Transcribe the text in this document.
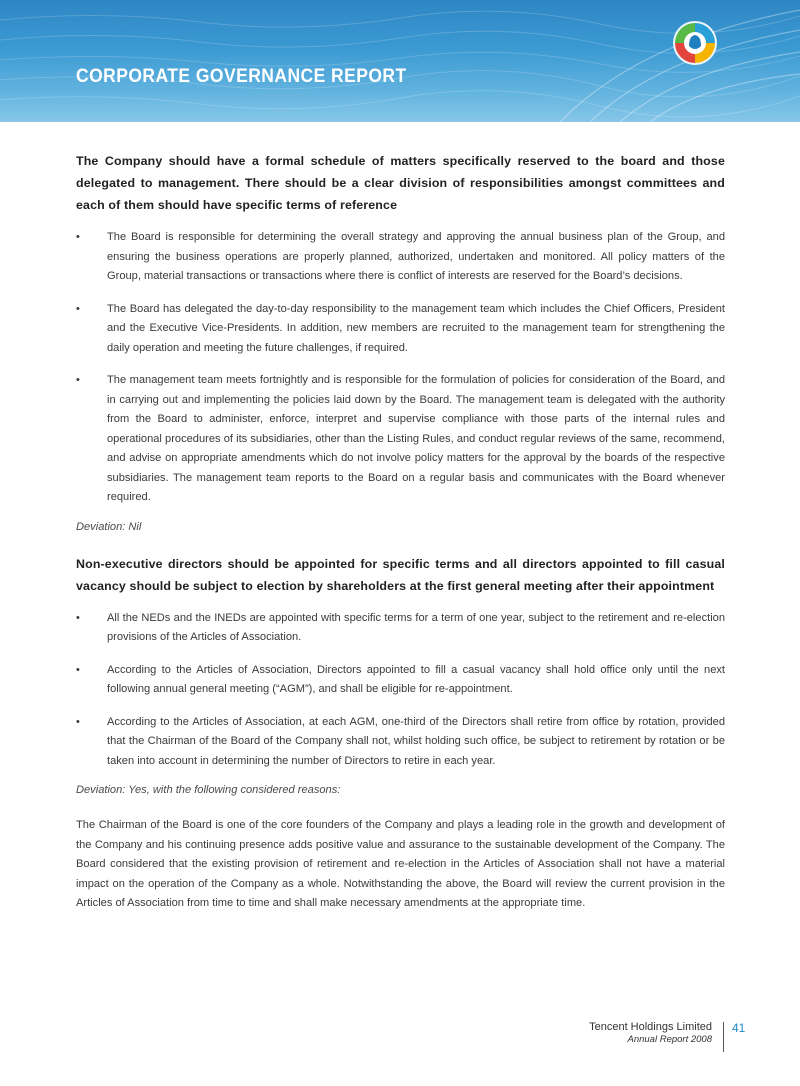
CORPORATE GOVERNANCE REPORT
The Company should have a formal schedule of matters specifically reserved to the board and those delegated to management. There should be a clear division of responsibilities amongst committees and each of them should have specific terms of reference
• The Board is responsible for determining the overall strategy and approving the annual business plan of the Group, and ensuring the business operations are properly planned, authorized, undertaken and monitored. All policy matters of the Group, material transactions or transactions where there is conflict of interests are reserved for the Board’s decisions.
• The Board has delegated the day-to-day responsibility to the management team which includes the Chief Officers, President and the Executive Vice-Presidents. In addition, new members are recruited to the management team for strengthening the daily operation and meeting the future challenges, if required.
• The management team meets fortnightly and is responsible for the formulation of policies for consideration of the Board, and in carrying out and implementing the policies laid down by the Board. The management team is delegated with the authority from the Board to administer, enforce, interpret and supervise compliance with those parts of the internal rules and operational procedures of its subsidiaries, other than the Listing Rules, and conduct regular reviews of the same, recommend, and advise on appropriate amendments which do not involve policy matters for the approval by the boards of the respective subsidiaries. The management team reports to the Board on a regular basis and communicates with the Board whenever required.
Deviation: Nil
Non-executive directors should be appointed for specific terms and all directors appointed to fill casual vacancy should be subject to election by shareholders at the first general meeting after their appointment
• All the NEDs and the INEDs are appointed with specific terms for a term of one year, subject to the retirement and re-election provisions of the Articles of Association.
• According to the Articles of Association, Directors appointed to fill a casual vacancy shall hold office only until the next following annual general meeting (“AGM”), and shall be eligible for re-appointment.
• According to the Articles of Association, at each AGM, one-third of the Directors shall retire from office by rotation, provided that the Chairman of the Board of the Company shall not, whilst holding such office, be subject to retirement by rotation or be taken into account in determining the number of Directors to retire in each year.
Deviation: Yes, with the following considered reasons:

The Chairman of the Board is one of the core founders of the Company and plays a leading role in the growth and development of the Company and his continuing presence adds positive value and assurance to the sustainable development of the Company. The Board considered that the existing provision of retirement and re-election in the Articles of Association shall not have a material impact on the operation of the Company as a whole. Notwithstanding the above, the Board will review the current provision in the Articles of Association from time to time and shall make necessary amendments at the appropriate time.

Tencent Holdings Limited
Annual Report 2008
41
